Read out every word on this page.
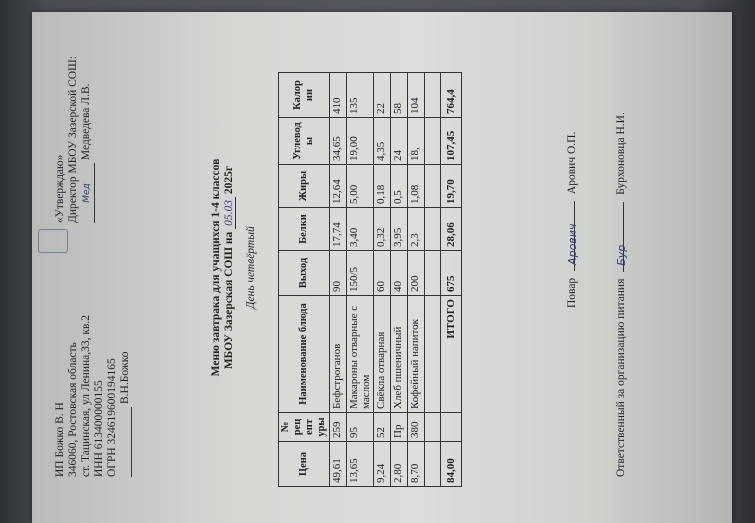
ИП Божко В. Н 346060, Ростовская область ст. Тацинская, ул Ленина,33, кв.2 ИНН 613400000155 ОГРН 324619600194165 В.Н.Божко
«Утверждаю» Директор МБОУ Зазерской СОШ: Мед Медведева Л.В.
Меню завтрака для учащихся 1-4 классов МБОУ Зазерская СОШ на 05.03 2025г
День четвёртый
Цена	№ рец епт уры	Наименование блюда	Выход	Белки	Жиры	Углевод ы	Калор ии
49,61	259	Бефстроганов	90	17,74	12,64	34,65	410
13,65	95	Макароны отварные с маслом	150/5	3,40	5,00	19,00	135
9,24	52	Свёкла отварная	60	0,32	0,18	4,35	22
2,80	Пр	Хлеб пшеничный	40	3,95	0,5	24	58
8,70	380	Кофейный напиток	200	2,3	1,08	18,	104

84,00		ИТОГО	675	28,06	19,70	107,45	764,4
Повар
Арович
Арович О.П.
Ответственный за организацию питания
Бур
Бурхоновца Н.И.
